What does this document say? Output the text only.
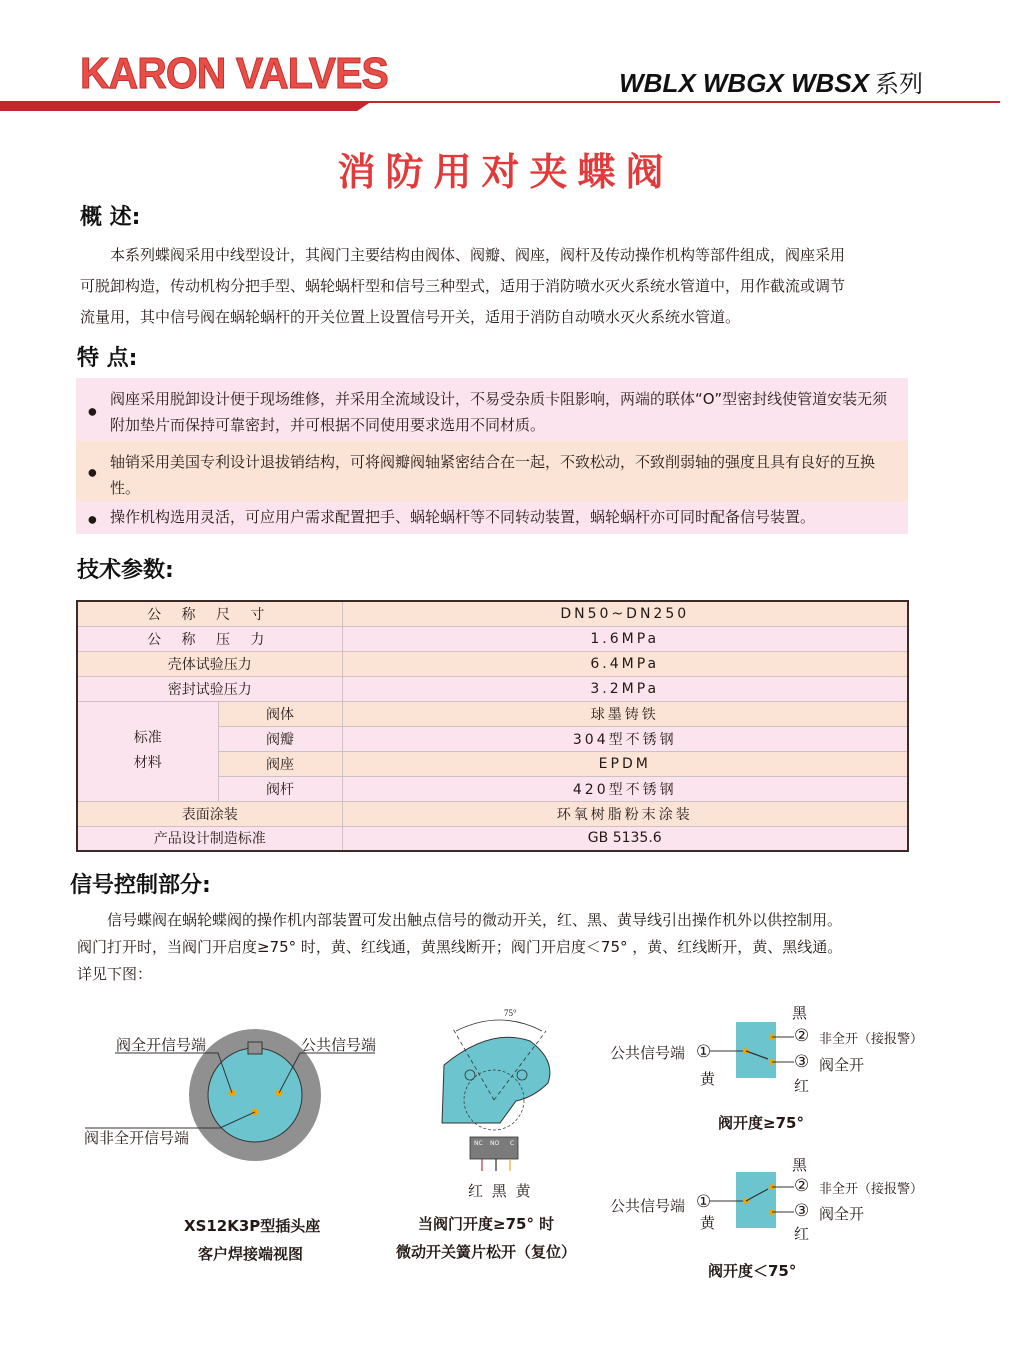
KARON VALVES	WBLX WBGX WBSX 系列
消防用对夹蝶阀
概 述:
本系列蝶阀采用中线型设计，其阀门主要结构由阀体、阀瓣、阀座，阀杆及传动操作机构等部件组成，阀座采用
可脱卸构造，传动机构分把手型、蜗轮蜗杆型和信号三种型式，适用于消防喷水灭火系统水管道中，用作截流或调节
流量用，其中信号阀在蜗轮蜗杆的开关位置上设置信号开关，适用于消防自动喷水灭火系统水管道。
特 点:
● 阀座采用脱卸设计便于现场维修，并采用全流域设计，不易受杂质卡阻影响，两端的联体“O”型密封线使管道安装无须附加垫片而保持可靠密封，并可根据不同使用要求选用不同材质。
● 轴销采用美国专利设计退拔销结构，可将阀瓣阀轴紧密结合在一起，不致松动，不致削弱轴的强度且具有良好的互换性。
● 操作机构选用灵活，可应用户需求配置把手、蜗轮蜗杆等不同转动装置，蜗轮蜗杆亦可同时配备信号装置。
技术参数:
公 称 尺 寸		DN50~DN250
公 称 压 力		1.6MPa
壳体试验压力		6.4MPa
密封试验压力		3.2MPa

标准
材料	阀体	球墨铸铁
	阀瓣	304型不锈钢
	阀座	EPDM
	阀杆	420型不锈钢
表面涂装		环氧树脂粉末涂装
产品设计制造标准		GB 5135.6
信号控制部分:
信号蝶阀在蜗轮蝶阀的操作机内部装置可发出触点信号的微动开关，红、黑、黄导线引出操作机外以供控制用。
阀门打开时，当阀门开启度≥75° 时，黄、红线通，黄黑线断开；阀门开启度＜75° ，黄、红线断开，黄、黑线通。
详见下图：
阀全开信号端	公共信号端
阀非全开信号端
XS12K3P型插头座
客户焊接端视图
NC NO C
75°
红 黑 黄
当阀门开度≥75° 时
微动开关簧片松开（复位）
公共信号端 ①
黄
黑
② 非全开（接报警）
③ 阀全开
红
阀开度≥75°
公共信号端 ①
黄
黑
② 非全开（接报警）
③ 阀全开
红
阀开度＜75°
